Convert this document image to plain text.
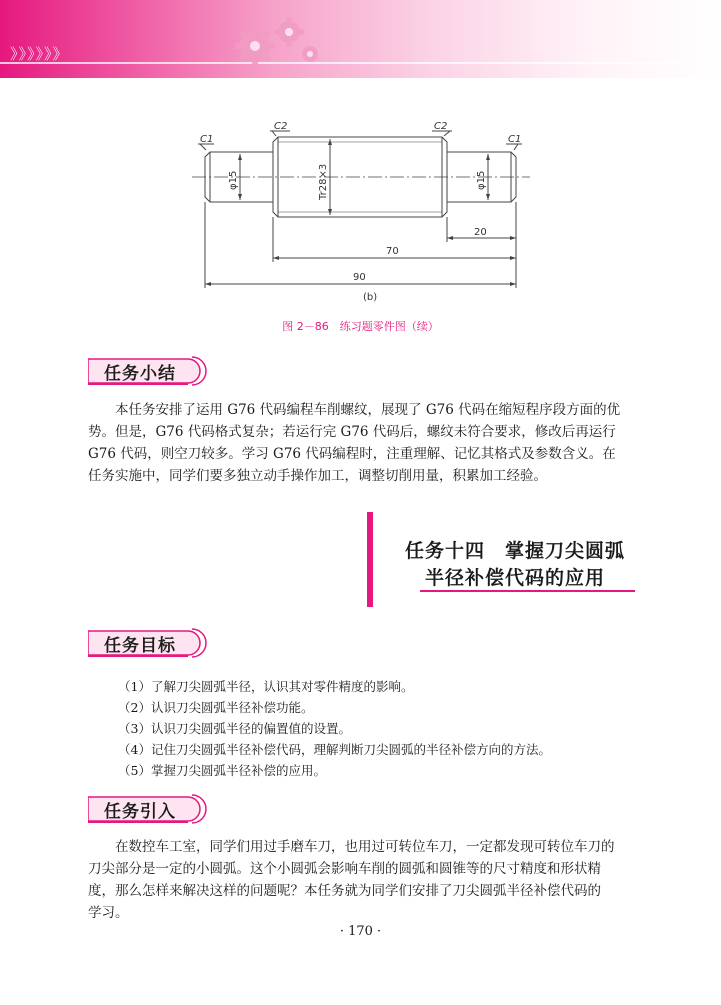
》》》》》》
C1
C2	C2
C1
φ15	Tr28×3	φ15
20
70
90
(b)
图 2－86　练习题零件图（续）
任务小结
本任务安排了运用 G76 代码编程车削螺纹，展现了 G76 代码在缩短程序段方面的优
势。但是，G76 代码格式复杂；若运行完 G76 代码后，螺纹未符合要求，修改后再运行
G76 代码，则空刀较多。学习 G76 代码编程时，注重理解、记忆其格式及参数含义。在
任务实施中，同学们要多独立动手操作加工，调整切削用量，积累加工经验。
任务十四　掌握刀尖圆弧
半径补偿代码的应用
任务目标
（1）了解刀尖圆弧半径，认识其对零件精度的影响。
（2）认识刀尖圆弧半径补偿功能。
（3）认识刀尖圆弧半径的偏置值的设置。
（4）记住刀尖圆弧半径补偿代码，理解判断刀尖圆弧的半径补偿方向的方法。
（5）掌握刀尖圆弧半径补偿的应用。
任务引入
在数控车工室，同学们用过手磨车刀，也用过可转位车刀，一定都发现可转位车刀的
刀尖部分是一定的小圆弧。这个小圆弧会影响车削的圆弧和圆锥等的尺寸精度和形状精
度，那么怎样来解决这样的问题呢？本任务就为同学们安排了刀尖圆弧半径补偿代码的
学习。
· 170 ·
